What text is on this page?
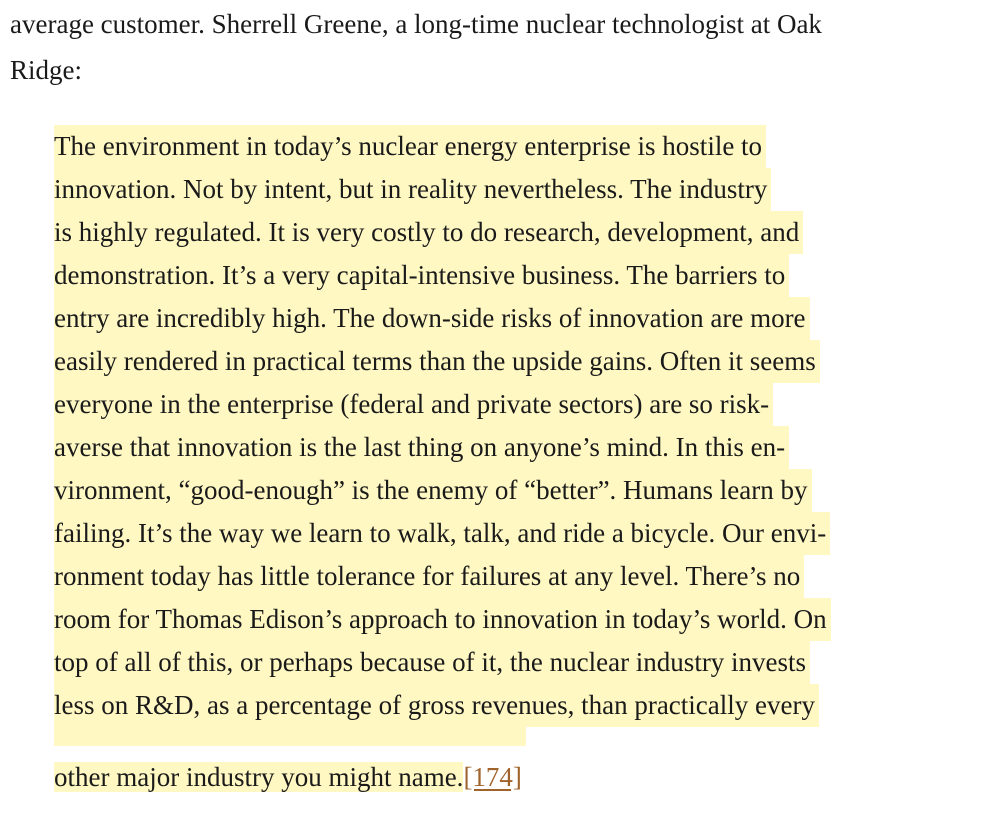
average customer. Sherrell Greene, a long-time nuclear technologist at Oak

Ridge:

The environment in today’s nuclear energy enterprise is hostile to
innovation. Not by intent, but in reality nevertheless. The industry
is highly regulated. It is very costly to do research, development, and
demonstration. It’s a very capital-intensive business. The barriers to
entry are incredibly high. The down-side risks of innovation are more
easily rendered in practical terms than the upside gains. Often it seems
everyone in the enterprise (federal and private sectors) are so risk-
averse that innovation is the last thing on anyone’s mind. In this en-
vironment, “good-enough” is the enemy of “better”. Humans learn by
failing. It’s the way we learn to walk, talk, and ride a bicycle. Our envi-
ronment today has little tolerance for failures at any level. There’s no
room for Thomas Edison’s approach to innovation in today’s world. On
top of all of this, or perhaps because of it, the nuclear industry invests
less on R&D, as a percentage of gross revenues, than practically every
other major industry you might name.[174]
